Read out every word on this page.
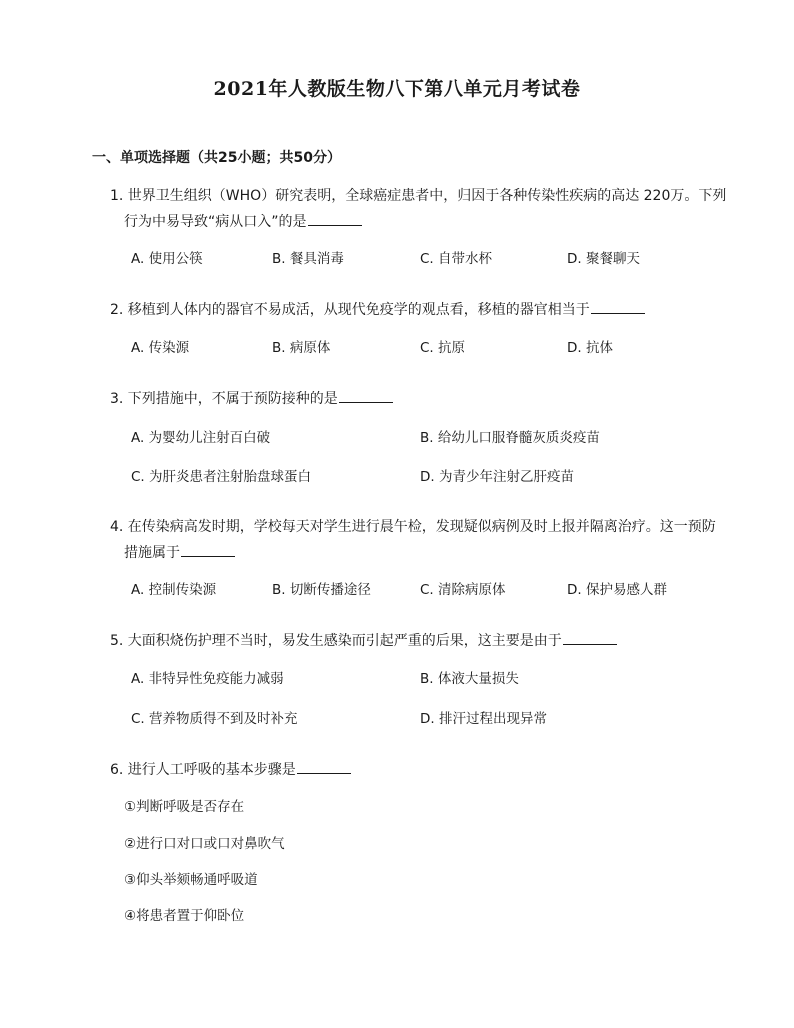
2021年人教版生物八下第八单元月考试卷
一、单项选择题（共25小题；共50分）
1. 世界卫生组织（WHO）研究表明，全球癌症患者中，归因于各种传染性疾病的高达 220万。下列
行为中易导致“病从口入”的是
A. 使用公筷	B. 餐具消毒	C. 自带水杯	D. 聚餐聊天
2. 移植到人体内的器官不易成活，从现代免疫学的观点看，移植的器官相当于
A. 传染源	B. 病原体	C. 抗原	D. 抗体
3. 下列措施中，不属于预防接种的是
A. 为婴幼儿注射百白破	B. 给幼儿口服脊髓灰质炎疫苗
C. 为肝炎患者注射胎盘球蛋白	D. 为青少年注射乙肝疫苗
4. 在传染病高发时期，学校每天对学生进行晨午检，发现疑似病例及时上报并隔离治疗。这一预防
措施属于
A. 控制传染源	B. 切断传播途径	C. 清除病原体	D. 保护易感人群
5. 大面积烧伤护理不当时，易发生感染而引起严重的后果，这主要是由于
A. 非特异性免疫能力减弱	B. 体液大量损失
C. 营养物质得不到及时补充	D. 排汗过程出现异常
6. 进行人工呼吸的基本步骤是
①判断呼吸是否存在
②进行口对口或口对鼻吹气
③仰头举颏畅通呼吸道
④将患者置于仰卧位
